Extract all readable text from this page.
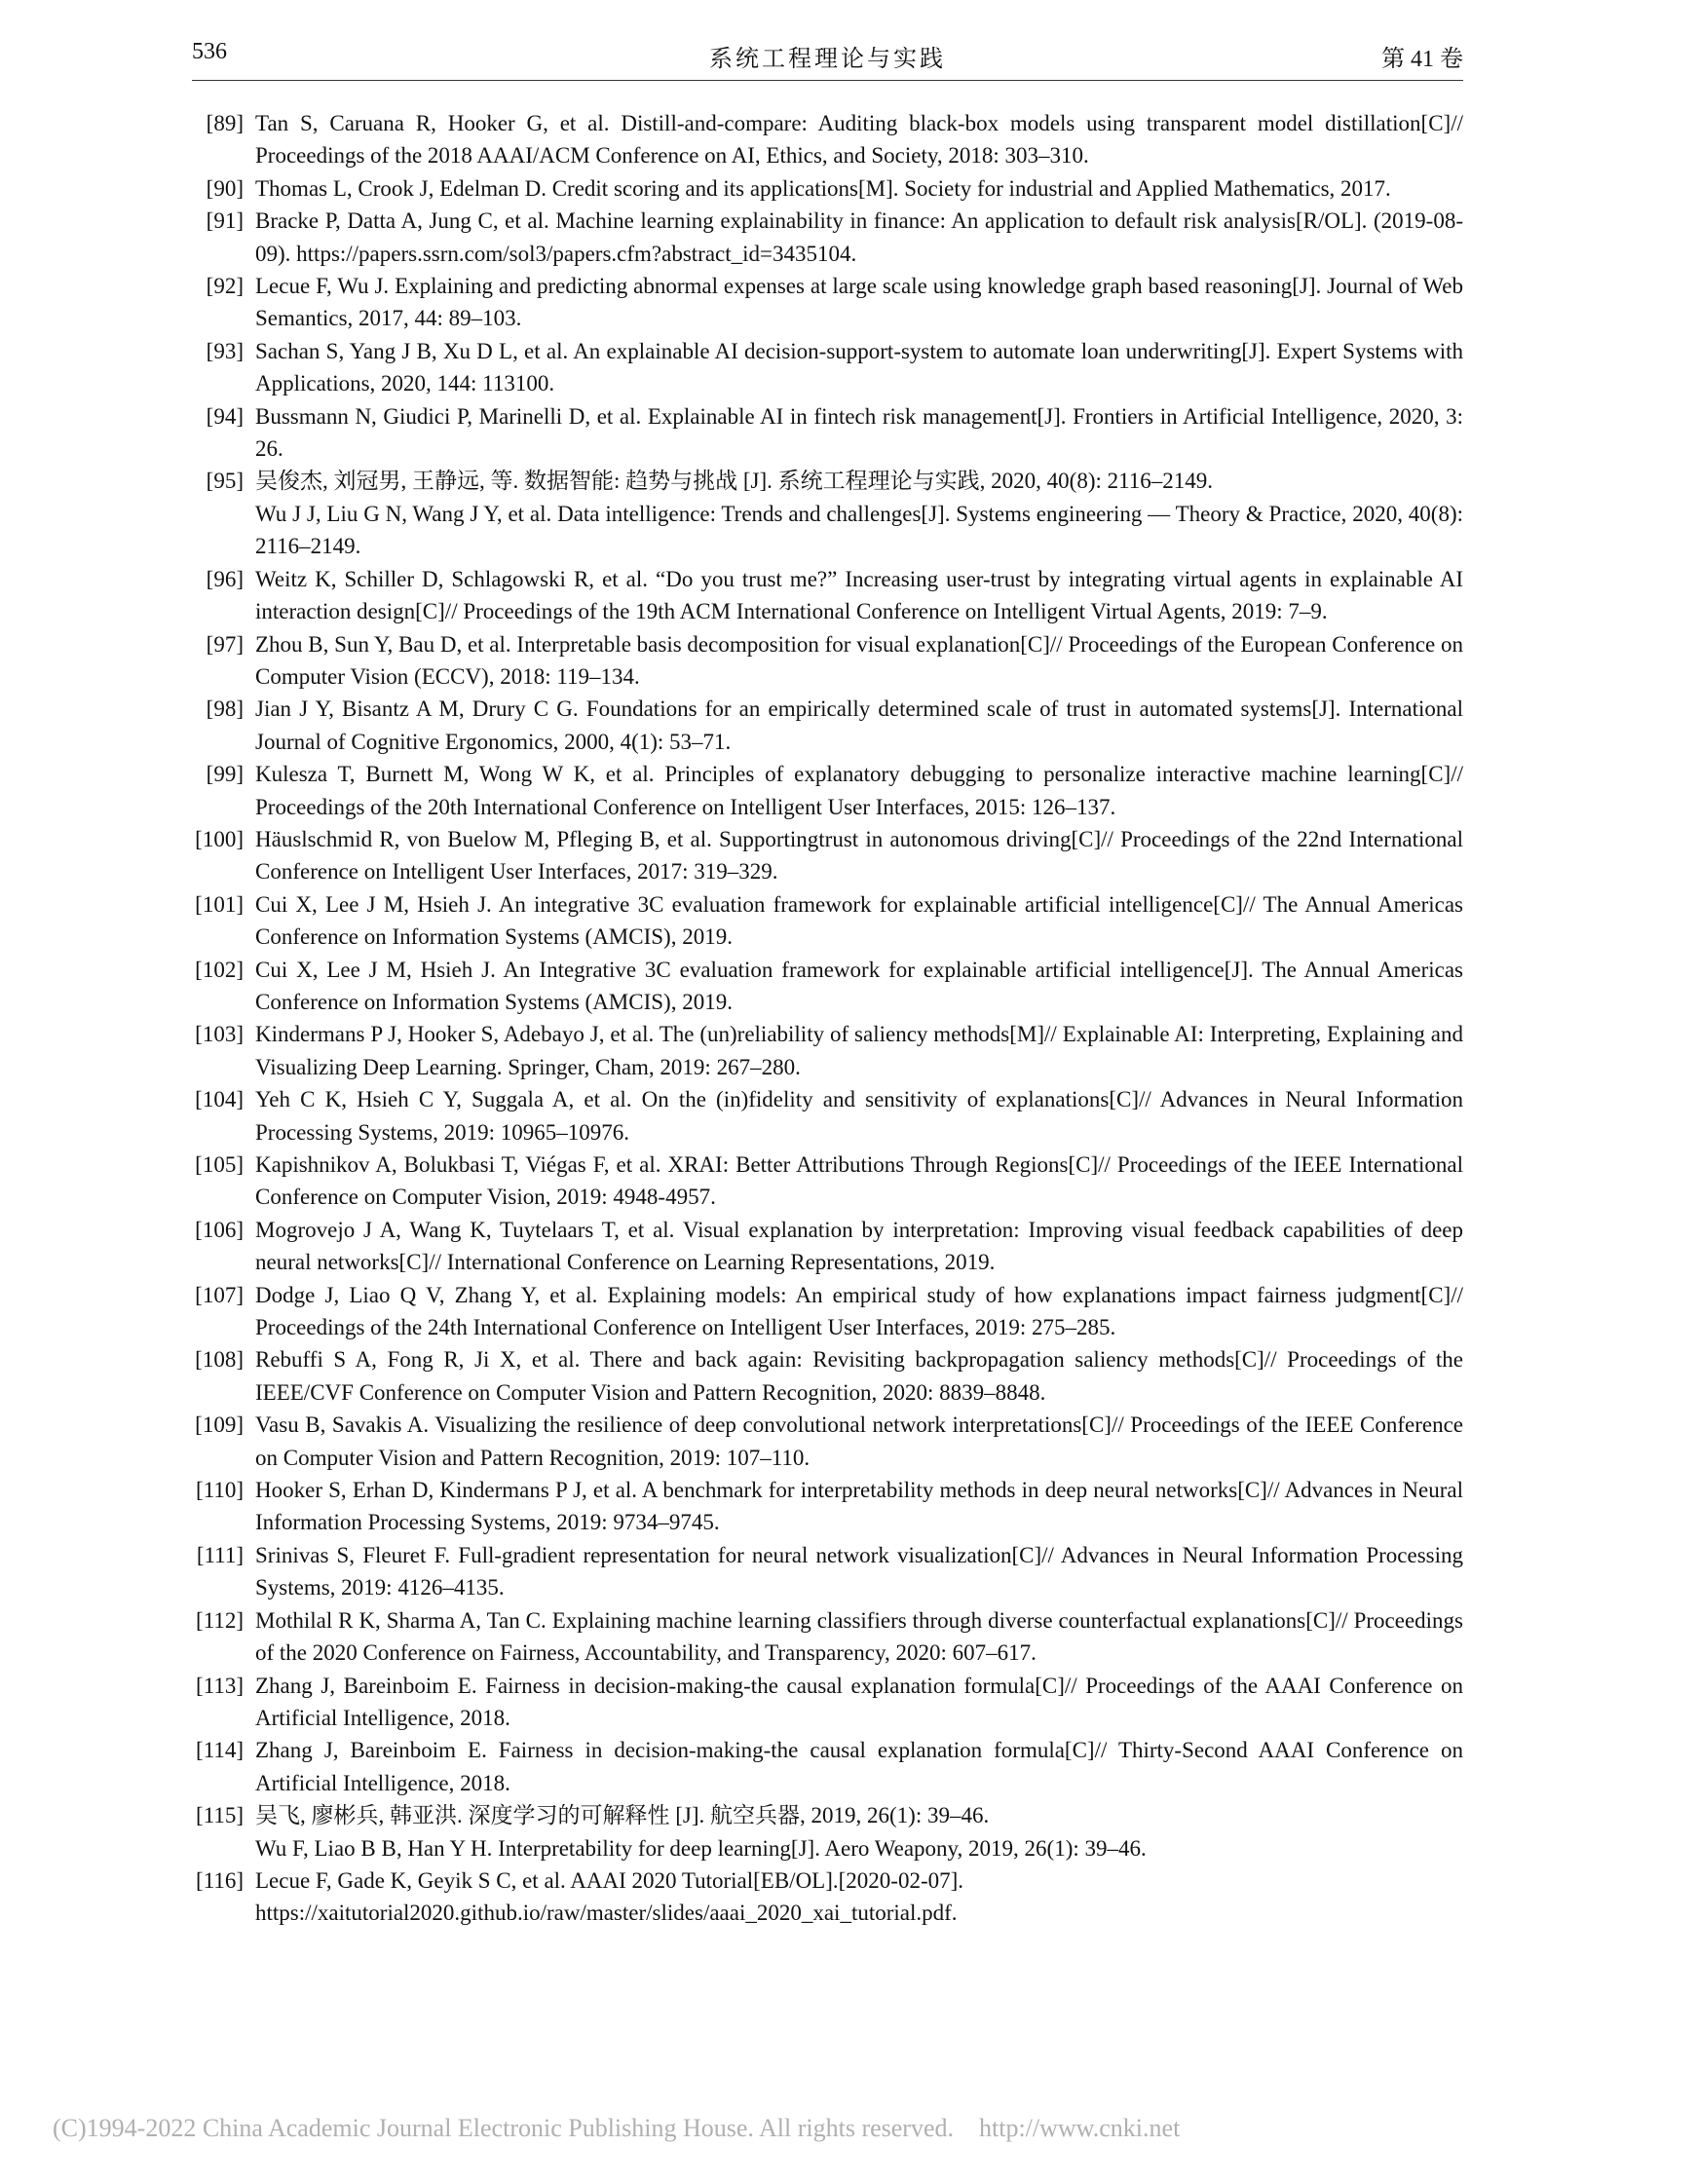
536	系统工程理论与实践	第 41 卷
[89] Tan S, Caruana R, Hooker G, et al. Distill-and-compare: Auditing black-box models using transparent model distillation[C]// Proceedings of the 2018 AAAI/ACM Conference on AI, Ethics, and Society, 2018: 303–310.
[90] Thomas L, Crook J, Edelman D. Credit scoring and its applications[M]. Society for industrial and Applied Mathematics, 2017.
[91] Bracke P, Datta A, Jung C, et al. Machine learning explainability in finance: An application to default risk analysis[R/OL]. (2019-08-09). https://papers.ssrn.com/sol3/papers.cfm?abstract_id=3435104.
[92] Lecue F, Wu J. Explaining and predicting abnormal expenses at large scale using knowledge graph based reasoning[J]. Journal of Web Semantics, 2017, 44: 89–103.
[93] Sachan S, Yang J B, Xu D L, et al. An explainable AI decision-support-system to automate loan underwriting[J]. Expert Systems with Applications, 2020, 144: 113100.
[94] Bussmann N, Giudici P, Marinelli D, et al. Explainable AI in fintech risk management[J]. Frontiers in Artificial Intelligence, 2020, 3: 26.
[95] 吴俊杰, 刘冠男, 王静远, 等. 数据智能: 趋势与挑战 [J]. 系统工程理论与实践, 2020, 40(8): 2116–2149.
Wu J J, Liu G N, Wang J Y, et al. Data intelligence: Trends and challenges[J]. Systems engineering — Theory & Practice, 2020, 40(8): 2116–2149.
[96] Weitz K, Schiller D, Schlagowski R, et al. “Do you trust me?” Increasing user-trust by integrating virtual agents in explainable AI interaction design[C]// Proceedings of the 19th ACM International Conference on Intelligent Virtual Agents, 2019: 7–9.
[97] Zhou B, Sun Y, Bau D, et al. Interpretable basis decomposition for visual explanation[C]// Proceedings of the European Conference on Computer Vision (ECCV), 2018: 119–134.
[98] Jian J Y, Bisantz A M, Drury C G. Foundations for an empirically determined scale of trust in automated systems[J]. International Journal of Cognitive Ergonomics, 2000, 4(1): 53–71.
[99] Kulesza T, Burnett M, Wong W K, et al. Principles of explanatory debugging to personalize interactive machine learning[C]// Proceedings of the 20th International Conference on Intelligent User Interfaces, 2015: 126–137.
[100] Häuslschmid R, von Buelow M, Pfleging B, et al. Supportingtrust in autonomous driving[C]// Proceedings of the 22nd International Conference on Intelligent User Interfaces, 2017: 319–329.
[101] Cui X, Lee J M, Hsieh J. An integrative 3C evaluation framework for explainable artificial intelligence[C]// The Annual Americas Conference on Information Systems (AMCIS), 2019.
[102] Cui X, Lee J M, Hsieh J. An Integrative 3C evaluation framework for explainable artificial intelligence[J]. The Annual Americas Conference on Information Systems (AMCIS), 2019.
[103] Kindermans P J, Hooker S, Adebayo J, et al. The (un)reliability of saliency methods[M]// Explainable AI: Interpreting, Explaining and Visualizing Deep Learning. Springer, Cham, 2019: 267–280.
[104] Yeh C K, Hsieh C Y, Suggala A, et al. On the (in)fidelity and sensitivity of explanations[C]// Advances in Neural Information Processing Systems, 2019: 10965–10976.
[105] Kapishnikov A, Bolukbasi T, Viégas F, et al. XRAI: Better Attributions Through Regions[C]// Proceedings of the IEEE International Conference on Computer Vision, 2019: 4948-4957.
[106] Mogrovejo J A, Wang K, Tuytelaars T, et al. Visual explanation by interpretation: Improving visual feedback capabilities of deep neural networks[C]// International Conference on Learning Representations, 2019.
[107] Dodge J, Liao Q V, Zhang Y, et al. Explaining models: An empirical study of how explanations impact fairness judgment[C]// Proceedings of the 24th International Conference on Intelligent User Interfaces, 2019: 275–285.
[108] Rebuffi S A, Fong R, Ji X, et al. There and back again: Revisiting backpropagation saliency methods[C]// Proceedings of the IEEE/CVF Conference on Computer Vision and Pattern Recognition, 2020: 8839–8848.
[109] Vasu B, Savakis A. Visualizing the resilience of deep convolutional network interpretations[C]// Proceedings of the IEEE Conference on Computer Vision and Pattern Recognition, 2019: 107–110.
[110] Hooker S, Erhan D, Kindermans P J, et al. A benchmark for interpretability methods in deep neural networks[C]// Advances in Neural Information Processing Systems, 2019: 9734–9745.
[111] Srinivas S, Fleuret F. Full-gradient representation for neural network visualization[C]// Advances in Neural Information Processing Systems, 2019: 4126–4135.
[112] Mothilal R K, Sharma A, Tan C. Explaining machine learning classifiers through diverse counterfactual explanations[C]// Proceedings of the 2020 Conference on Fairness, Accountability, and Transparency, 2020: 607–617.
[113] Zhang J, Bareinboim E. Fairness in decision-making-the causal explanation formula[C]// Proceedings of the AAAI Conference on Artificial Intelligence, 2018.
[114] Zhang J, Bareinboim E. Fairness in decision-making-the causal explanation formula[C]// Thirty-Second AAAI Conference on Artificial Intelligence, 2018.
[115] 吴飞, 廖彬兵, 韩亚洪. 深度学习的可解释性 [J]. 航空兵器, 2019, 26(1): 39–46.
Wu F, Liao B B, Han Y H. Interpretability for deep learning[J]. Aero Weapony, 2019, 26(1): 39–46.
[116] Lecue F, Gade K, Geyik S C, et al. AAAI 2020 Tutorial[EB/OL].[2020-02-07].
https://xaitutorial2020.github.io/raw/master/slides/aaai_2020_xai_tutorial.pdf.
(C)1994-2022 China Academic Journal Electronic Publishing House. All rights reserved. http://www.cnki.net
